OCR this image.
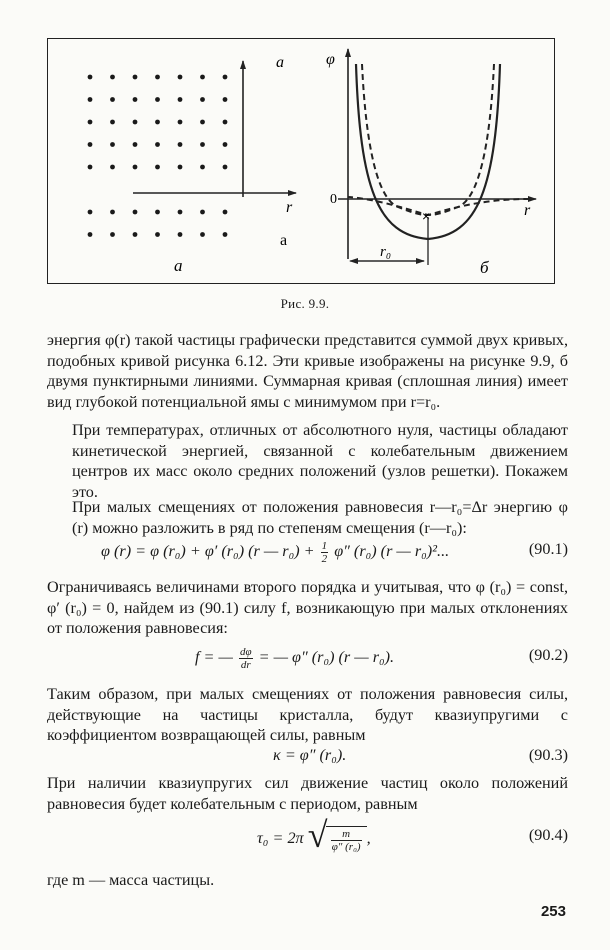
a
r
a
а
φ
0
r
×
r₀
б
Рис. 9.9.

энергия φ(r) такой частицы графически представится суммой двух кривых, подобных кривой рисунка 6.12. Эти кривые изображены на рисунке 9.9, б двумя пунктирными линиями. Суммарная кривая (сплошная линия) имеет вид глубокой потенциальной ямы с минимумом при r=r₀.

При температурах, отличных от абсолютного нуля, частицы обладают кинетической энергией, связанной с колебательным движением центров их масс около средних положений (узлов решетки). Покажем это.

При малых смещениях от положения равновесия r—r₀=Δr энергию φ (r) можно разложить в ряд по степеням смещения (r—r₀):

φ (r) = φ (r₀) + φ′ (r₀) (r — $r_0) + \frac{1}{2} \varphi''$ (r₀) (r — r₀)²...	(90.1)

Ограничиваясь величинами второго порядка и учитывая, что φ (r₀) = const, φ′ (r₀) = 0, найдем из (90.1) силу f, возникающую при малых отклонениях от положения равновесия:

f = — $\frac{d\varphi}{dr}$ = — φ″ (r₀) (r — r₀).	(90.2)

Таким образом, при малых смещениях от положения равновесия силы, действующие на частицы кристалла, будут квазиупругими с коэффициентом возвращающей силы, равным

κ = φ″ (r₀).	(90.3)

При наличии квазиупругих сил движение частиц около положений равновесия будет колебательным с периодом, равным

τ₀ = 2π √ $\frac{m}{\text{φ″ (r₀)}}$ ,	(90.4)

где m — масса частицы.

253
